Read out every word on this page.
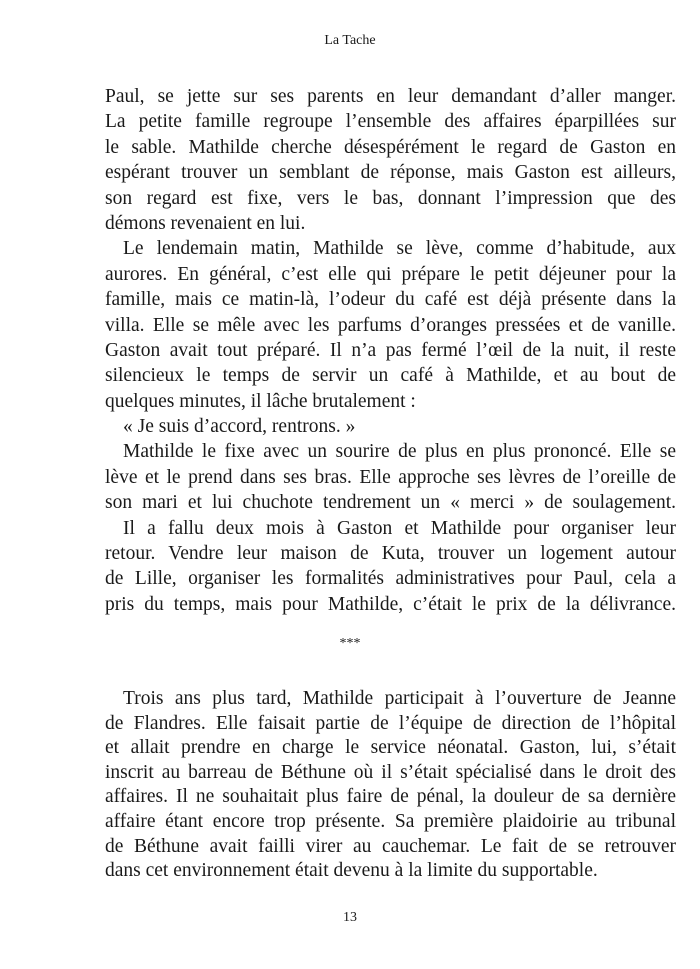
La Tache
Paul, se jette sur ses parents en leur demandant d’aller manger.
La petite famille regroupe l’ensemble des affaires éparpillées sur
le sable. Mathilde cherche désespérément le regard de Gaston en
espérant trouver un semblant de réponse, mais Gaston est ailleurs,
son regard est fixe, vers le bas, donnant l’impression que des
démons revenaient en lui.
Le lendemain matin, Mathilde se lève, comme d’habitude, aux
aurores. En général, c’est elle qui prépare le petit déjeuner pour la
famille, mais ce matin-là, l’odeur du café est déjà présente dans la
villa. Elle se mêle avec les parfums d’oranges pressées et de vanille.
Gaston avait tout préparé. Il n’a pas fermé l’œil de la nuit, il reste
silencieux le temps de servir un café à Mathilde, et au bout de
quelques minutes, il lâche brutalement :
« Je suis d’accord, rentrons. »
Mathilde le fixe avec un sourire de plus en plus prononcé. Elle se
lève et le prend dans ses bras. Elle approche ses lèvres de l’oreille de
son mari et lui chuchote tendrement un « merci » de soulagement.
Il a fallu deux mois à Gaston et Mathilde pour organiser leur
retour. Vendre leur maison de Kuta, trouver un logement autour
de Lille, organiser les formalités administratives pour Paul, cela a
pris du temps, mais pour Mathilde, c’était le prix de la délivrance.
***
Trois ans plus tard, Mathilde participait à l’ouverture de Jeanne
de Flandres. Elle faisait partie de l’équipe de direction de l’hôpital
et allait prendre en charge le service néonatal. Gaston, lui, s’était
inscrit au barreau de Béthune où il s’était spécialisé dans le droit des
affaires. Il ne souhaitait plus faire de pénal, la douleur de sa dernière
affaire étant encore trop présente. Sa première plaidoirie au tribunal
de Béthune avait failli virer au cauchemar. Le fait de se retrouver
dans cet environnement était devenu à la limite du supportable.
13
